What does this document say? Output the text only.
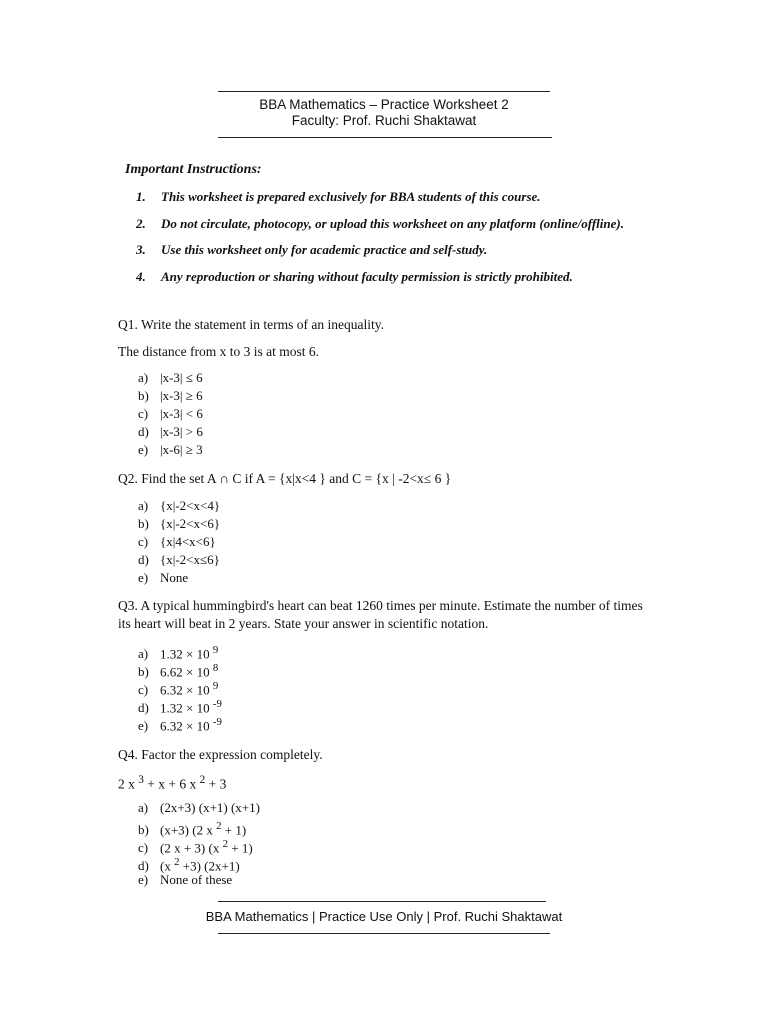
BBA Mathematics – Practice Worksheet 2
Faculty: Prof. Ruchi Shaktawat
Important Instructions:
1. This worksheet is prepared exclusively for BBA students of this course.
2. Do not circulate, photocopy, or upload this worksheet on any platform (online/offline).
3. Use this worksheet only for academic practice and self-study.
4. Any reproduction or sharing without faculty permission is strictly prohibited.
Q1. Write the statement in terms of an inequality.
The distance from x to 3 is at most 6.
a) |x-3| ≤ 6
b) |x-3| ≥ 6
c) |x-3| < 6
d) |x-3| > 6
e) |x-6| ≥ 3
Q2. Find the set A ∩ C if A = {x|x<4 } and C = {x | -2<x≤ 6 }
a) {x|-2<x<4}
b) {x|-2<x<6}
c) {x|4<x<6}
d) {x|-2<x≤6}
e) None
Q3. A typical hummingbird's heart can beat 1260 times per minute. Estimate the number of times its heart will beat in 2 years. State your answer in scientific notation.
a) 1.32 × 10 $^9$
b) 6.62 × 10 $^8$
c) 6.32 × 10 $^9$
d) 1.32 × 10 $^{-9}$
e) 6.32 × 10 $^{-9}$
Q4. Factor the expression completely.
2 x $^3$ + x + 6 x $^2$ + 3
a) (2x+3) (x+1) (x+1)
b) (x+3) (2 x $^2$ + 1)
c) (2 x + 3) (x $^2$ + 1)
d) (x $^2$ +3) (2x+1)
e) None of these
BBA Mathematics | Practice Use Only | Prof. Ruchi Shaktawat
